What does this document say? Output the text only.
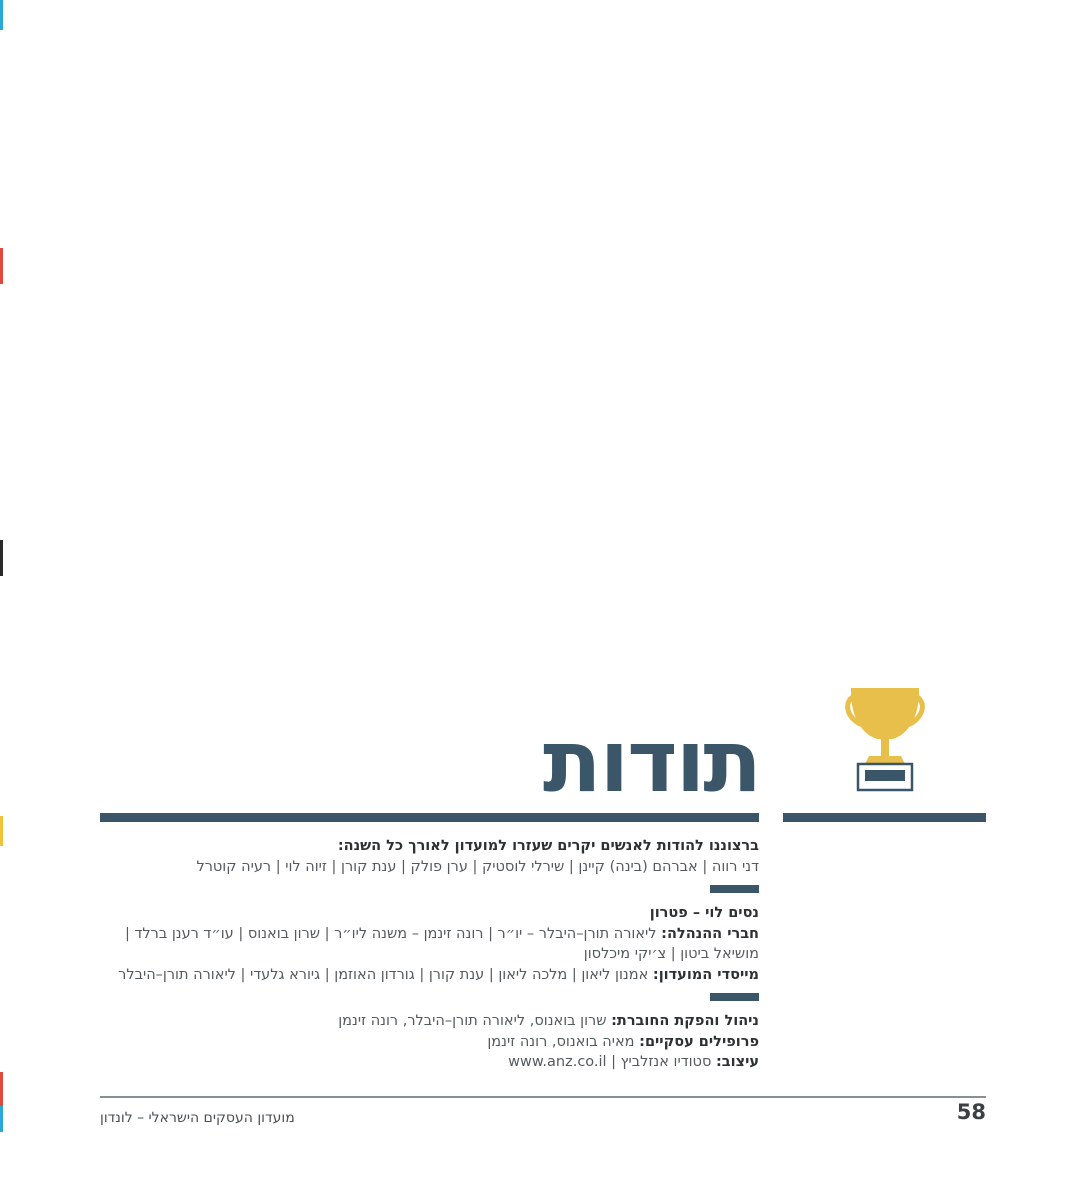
תודות

ברצוננו להודות לאנשים יקרים שעזרו למועדון לאורך כל השנה:

דני רווה | אברהם (בינה) קיינן | שירלי לוסטיק | ערן פולק | ענת קורן | זיוה לוי | רעיה קוטרל

נסים לוי – פטרון

חברי ההנהלה: ליאורה תורן–היבלר – יו״ר | רונה זינמן – משנה ליו״ר | שרון בואנוס | עו״ד רענן ברלד |

מושיאל ביטון | צ׳יקי מיכלסון

מייסדי המועדון: אמנון ליאון | מלכה ליאון | ענת קורן | גורדון האוזמן | גיורא גלעדי | ליאורה תורן–היבלר

ניהול והפקת החוברת: שרון בואנוס, ליאורה תורן–היבלר, רונה זינמן

פרופילים עסקיים: מאיה בואנוס, רונה זינמן

עיצוב: סטודיו אנזלביץ | www.anz.co.il

מועדון העסקים הישראלי – לונדון	58
